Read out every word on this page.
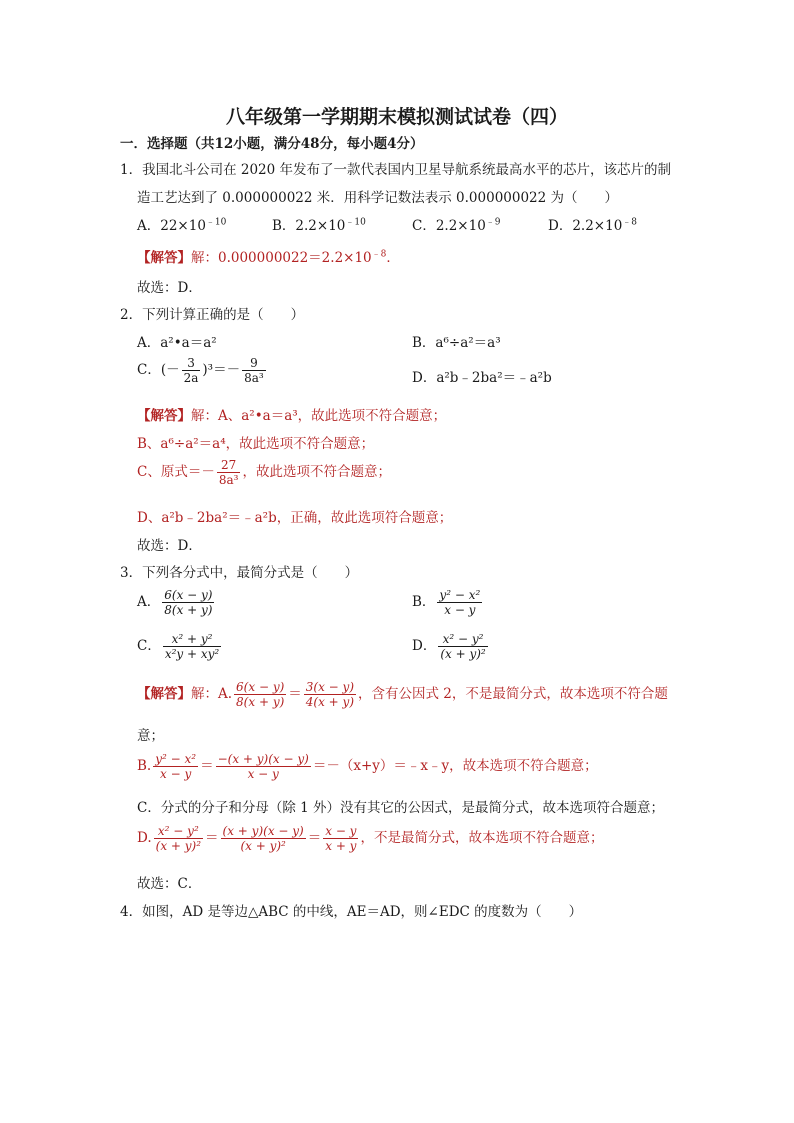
八年级第一学期期末模拟测试试卷（四）
一．选择题（共12小题，满分48分，每小题4分）
1．我国北斗公司在 2020 年发布了一款代表国内卫星导航系统最高水平的芯片，该芯片的制
造工艺达到了 0.000000022 米．用科学记数法表示 0.000000022 为（　　）
A．$22\times 10^{﹣10}$	B．$2.2\times 10^{﹣10}$	C．$2.2\times 10^{﹣9}$	D．$2.2\times 10^{﹣8}$
【解答】解：$0.000000022=2.2\times 10^{﹣8}$．
故选：D．
2．下列计算正确的是（　　）
A．a²•a＝a²	B．a⁶÷a²＝a³
C．(－ $\frac{3}{2a} )^3=- \frac{9}{\text{8a³}}$	D．a²b﹣2ba²＝﹣a²b
【解答】解：A、a²•a＝a³，故此选项不符合题意；
B、a⁶÷a²＝a⁴，故此选项不符合题意；
C、原式＝－ $\frac{27}{\text{8a³}}$ ，故此选项不符合题意；
D、a²b﹣2ba²＝﹣a²b，正确，故此选项符合题意；
故选：D．
3．下列各分式中，最简分式是（　　）
A． $\frac{6(x - y)}{8(x + y)}$	B． $\frac{\text{y² − x²}}{x - y}$
C． $\frac{\text{x² + y²}}{\text{x²y + xy²}}$	D． $\frac{\text{x² − y²}}{\text{(x + y)²}}$
【解答】解：A. $\frac{6(x - y)}{8(x + y)} = \frac{3(x - y)}{4(x + y)}$ ，含有公因式 2，不是最简分式，故本选项不符合题
意；
B. $\frac{\text{y² − x²}}{x - y} = \frac{-(x + y)(x - y)}{x - y}$ ＝－（x+y）＝﹣x﹣y，故本选项不符合题意；
C．分式的分子和分母（除 1 外）没有其它的公因式，是最简分式，故本选项符合题意；
D. $\frac{\text{x² − y²}}{\text{(x + y)²}} = \frac{(x + y)(x - y)}{\text{(x + y)²}} = \frac{x - y}{x + y}$ ，不是最简分式，故本选项不符合题意；
故选：C．
4．如图，AD 是等边△ABC 的中线，AE＝AD，则∠EDC 的度数为（　　）
